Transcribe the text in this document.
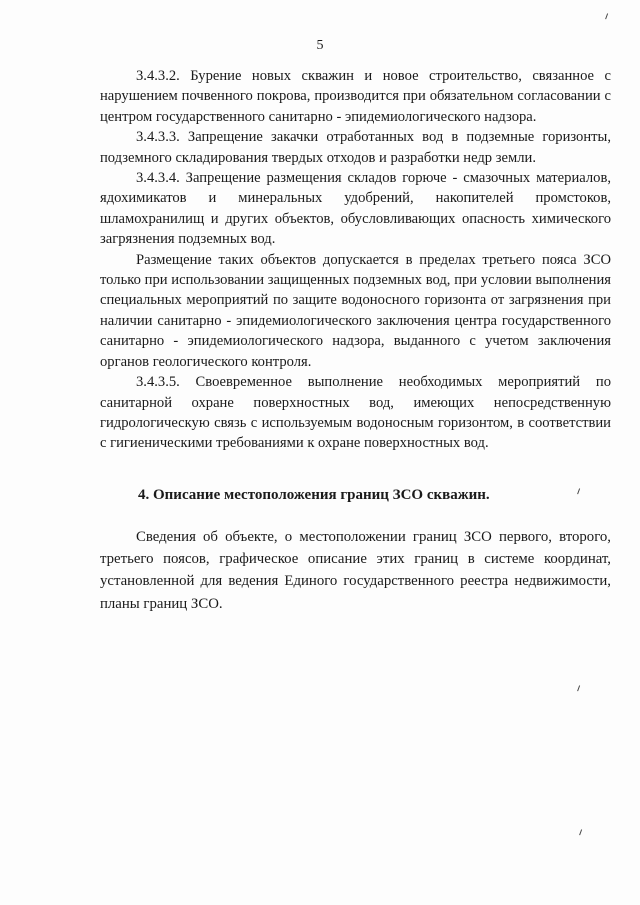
5

3.4.3.2. Бурение новых скважин и новое строительство, связанное с нарушением почвенного покрова, производится при обязательном согласовании с центром государственного санитарно - эпидемиологического надзора.

3.4.3.3. Запрещение закачки отработанных вод в подземные горизонты, подземного складирования твердых отходов и разработки недр земли.

3.4.3.4. Запрещение размещения складов горюче - смазочных материалов, ядохимикатов и минеральных удобрений, накопителей промстоков, шламохранилищ и других объектов, обусловливающих опасность химического загрязнения подземных вод.

Размещение таких объектов допускается в пределах третьего пояса ЗСО только при использовании защищенных подземных вод, при условии выполнения специальных мероприятий по защите водоносного горизонта от загрязнения при наличии санитарно - эпидемиологического заключения центра государственного санитарно - эпидемиологического надзора, выданного с учетом заключения органов геологического контроля.

3.4.3.5. Своевременное выполнение необходимых мероприятий по санитарной охране поверхностных вод, имеющих непосредственную гидрологическую связь с используемым водоносным горизонтом, в соответствии с гигиеническими требованиями к охране поверхностных вод.

4. Описание местоположения границ ЗСО скважин.

Сведения об объекте, о местоположении границ ЗСО первого, второго, третьего поясов, графическое описание этих границ в системе координат, установленной для ведения Единого государственного реестра недвижимости, планы границ ЗСО.
